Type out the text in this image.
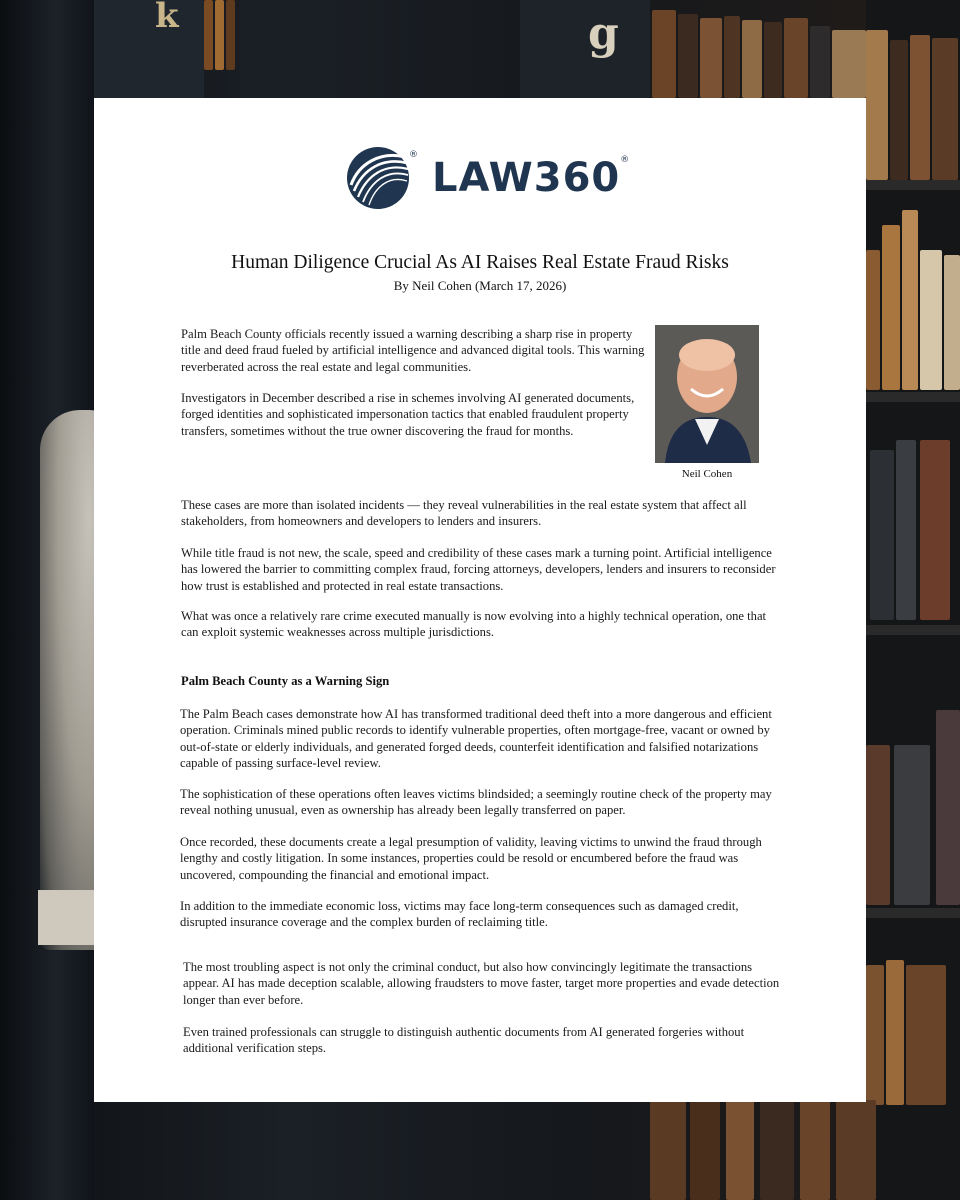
k	g
® LAW360®
Human Diligence Crucial As AI Raises Real Estate Fraud Risks
By Neil Cohen (March 17, 2026)
Neil Cohen

Palm Beach County officials recently issued a warning describing a sharp rise in property title and deed fraud fueled by artificial intelligence and advanced digital tools. This warning reverberated across the real estate and legal communities.

Investigators in December described a rise in schemes involving AI generated documents, forged identities and sophisticated impersonation tactics that enabled fraudulent property transfers, sometimes without the true owner discovering the fraud for months.

These cases are more than isolated incidents — they reveal vulnerabilities in the real estate system that affect all stakeholders, from homeowners and developers to lenders and insurers.

While title fraud is not new, the scale, speed and credibility of these cases mark a turning point. Artificial intelligence has lowered the barrier to committing complex fraud, forcing attorneys, developers, lenders and insurers to reconsider how trust is established and protected in real estate transactions.

What was once a relatively rare crime executed manually is now evolving into a highly technical operation, one that can exploit systemic weaknesses across multiple jurisdictions.

Palm Beach County as a Warning Sign

The Palm Beach cases demonstrate how AI has transformed traditional deed theft into a more dangerous and efficient operation. Criminals mined public records to identify vulnerable properties, often mortgage-free, vacant or owned by out-of-state or elderly individuals, and generated forged deeds, counterfeit identification and falsified notarizations capable of passing surface-level review.

The sophistication of these operations often leaves victims blindsided; a seemingly routine check of the property may reveal nothing unusual, even as ownership has already been legally transferred on paper.

Once recorded, these documents create a legal presumption of validity, leaving victims to unwind the fraud through lengthy and costly litigation. In some instances, properties could be resold or encumbered before the fraud was uncovered, compounding the financial and emotional impact.

In addition to the immediate economic loss, victims may face long-term consequences such as damaged credit, disrupted insurance coverage and the complex burden of reclaiming title.

The most troubling aspect is not only the criminal conduct, but also how convincingly legitimate the transactions appear. AI has made deception scalable, allowing fraudsters to move faster, target more properties and evade detection longer than ever before.

Even trained professionals can struggle to distinguish authentic documents from AI generated forgeries without additional verification steps.
